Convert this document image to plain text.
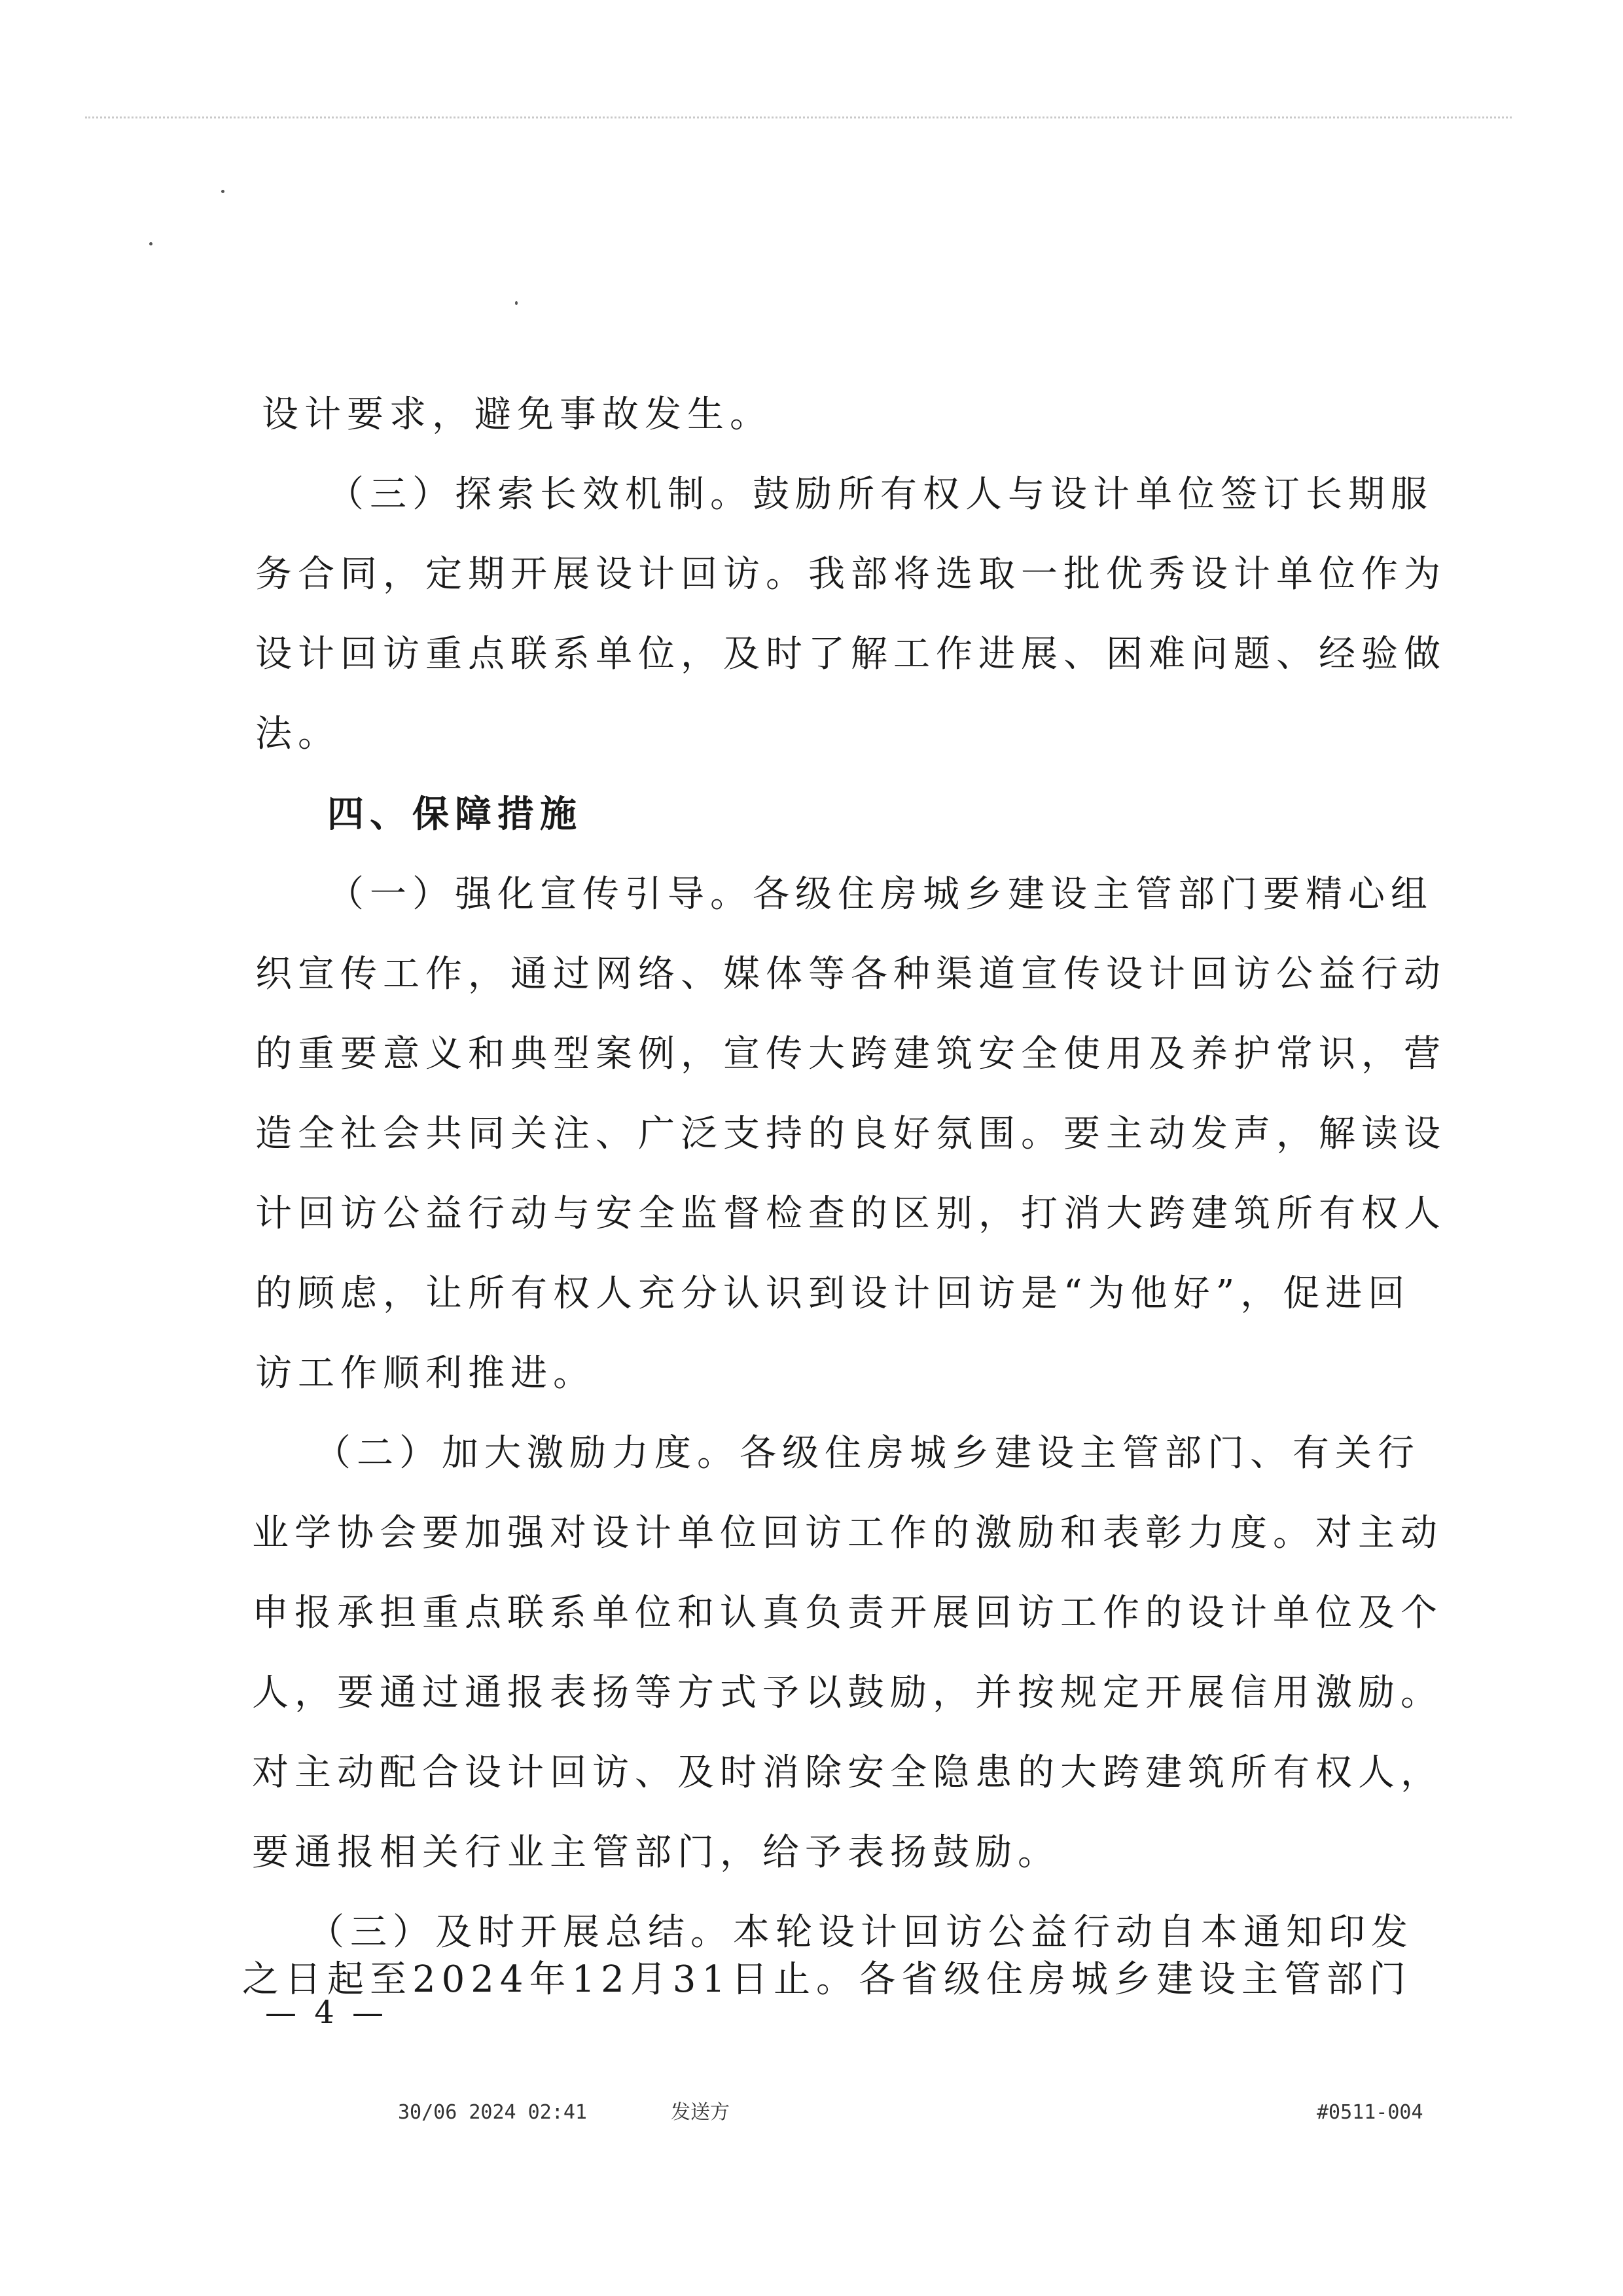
设计要求，避免事故发生。
（三）探索长效机制。鼓励所有权人与设计单位签订长期服
务合同，定期开展设计回访。我部将选取一批优秀设计单位作为
设计回访重点联系单位，及时了解工作进展、困难问题、经验做
法。
四、保障措施
（一）强化宣传引导。各级住房城乡建设主管部门要精心组
织宣传工作，通过网络、媒体等各种渠道宣传设计回访公益行动
的重要意义和典型案例，宣传大跨建筑安全使用及养护常识，营
造全社会共同关注、广泛支持的良好氛围。要主动发声，解读设
计回访公益行动与安全监督检查的区别，打消大跨建筑所有权人
的顾虑，让所有权人充分认识到设计回访是“为他好”，促进回
访工作顺利推进。
（二）加大激励力度。各级住房城乡建设主管部门、有关行
业学协会要加强对设计单位回访工作的激励和表彰力度。对主动
申报承担重点联系单位和认真负责开展回访工作的设计单位及个
人，要通过通报表扬等方式予以鼓励，并按规定开展信用激励。
对主动配合设计回访、及时消除安全隐患的大跨建筑所有权人，
要通报相关行业主管部门，给予表扬鼓励。
（三）及时开展总结。本轮设计回访公益行动自本通知印发
之日起至2024年12月31日止。各省级住房城乡建设主管部门
— 4 —
30/06 2024 02:41	发送方	#0511-004
